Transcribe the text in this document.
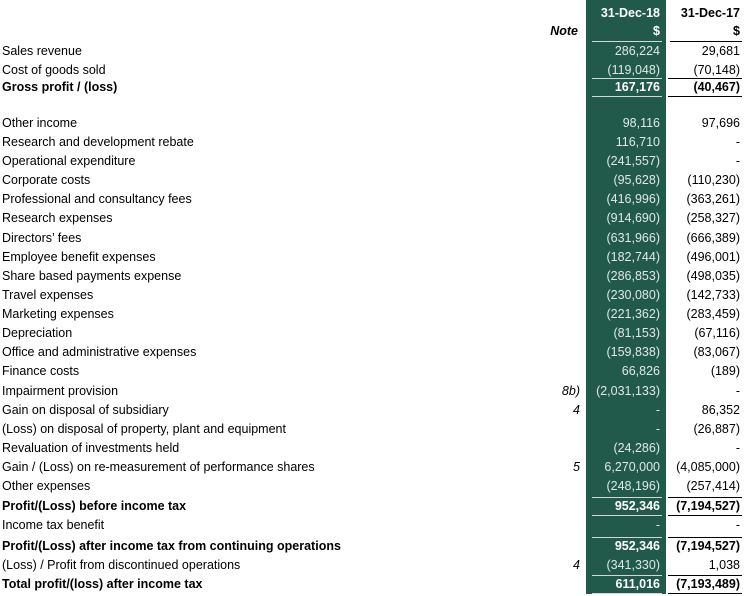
31-Dec-18	31-Dec-17
$	$
Note
Sales revenue	286,224	29,681
Cost of goods sold	(119,048)	(70,148)
Gross profit / (loss)	167,176	(40,467)
Other income	98,116	97,696
Research and development rebate	116,710	-
Operational expenditure	(241,557)	-
Corporate costs	(95,628)	(110,230)
Professional and consultancy fees	(416,996)	(363,261)
Research expenses	(914,690)	(258,327)
Directors’ fees	(631,966)	(666,389)
Employee benefit expenses	(182,744)	(496,001)
Share based payments expense	(286,853)	(498,035)
Travel expenses	(230,080)	(142,733)
Marketing expenses	(221,362)	(283,459)
Depreciation	(81,153)	(67,116)
Office and administrative expenses	(159,838)	(83,067)
Finance costs	66,826	(189)
Impairment provision	8b)	(2,031,133)	-
Gain on disposal of subsidiary	4	-	86,352
(Loss) on disposal of property, plant and equipment	-	(26,887)
Revaluation of investments held	(24,286)	-
Gain / (Loss) on re-measurement of performance shares	5	6,270,000	(4,085,000)
Other expenses	(248,196)	(257,414)
Profit/(Loss) before income tax	952,346	(7,194,527)
Income tax benefit	-	-
Profit/(Loss) after income tax from continuing operations	952,346	(7,194,527)
(Loss) / Profit from discontinued operations	4	(341,330)	1,038
Total profit/(loss) after income tax	611,016	(7,193,489)
